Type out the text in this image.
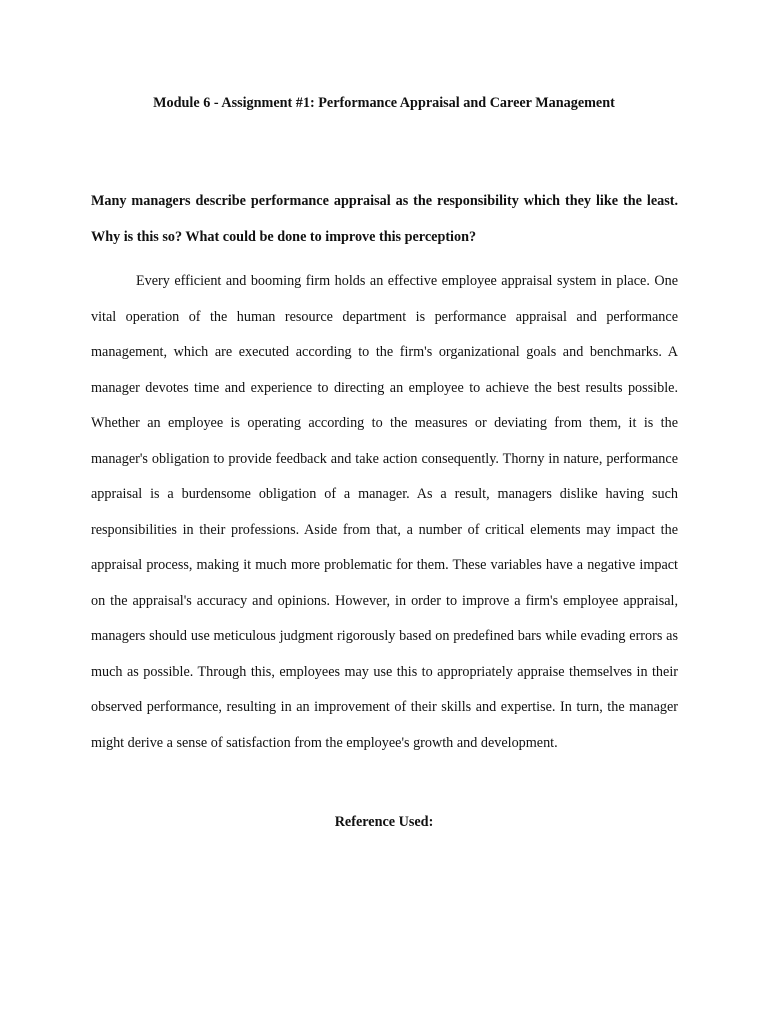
Module 6 - Assignment #1: Performance Appraisal and Career Management

Many managers describe performance appraisal as the responsibility which they like the least. Why is this so? What could be done to improve this perception?

Every efficient and booming firm holds an effective employee appraisal system in place. One vital operation of the human resource department is performance appraisal and performance management, which are executed according to the firm's organizational goals and benchmarks. A manager devotes time and experience to directing an employee to achieve the best results possible. Whether an employee is operating according to the measures or deviating from them, it is the manager's obligation to provide feedback and take action consequently. Thorny in nature, performance appraisal is a burdensome obligation of a manager. As a result, managers dislike having such responsibilities in their professions. Aside from that, a number of critical elements may impact the appraisal process, making it much more problematic for them. These variables have a negative impact on the appraisal's accuracy and opinions. However, in order to improve a firm's employee appraisal, managers should use meticulous judgment rigorously based on predefined bars while evading errors as much as possible. Through this, employees may use this to appropriately appraise themselves in their observed performance, resulting in an improvement of their skills and expertise. In turn, the manager might derive a sense of satisfaction from the employee's growth and development.

Reference Used:
